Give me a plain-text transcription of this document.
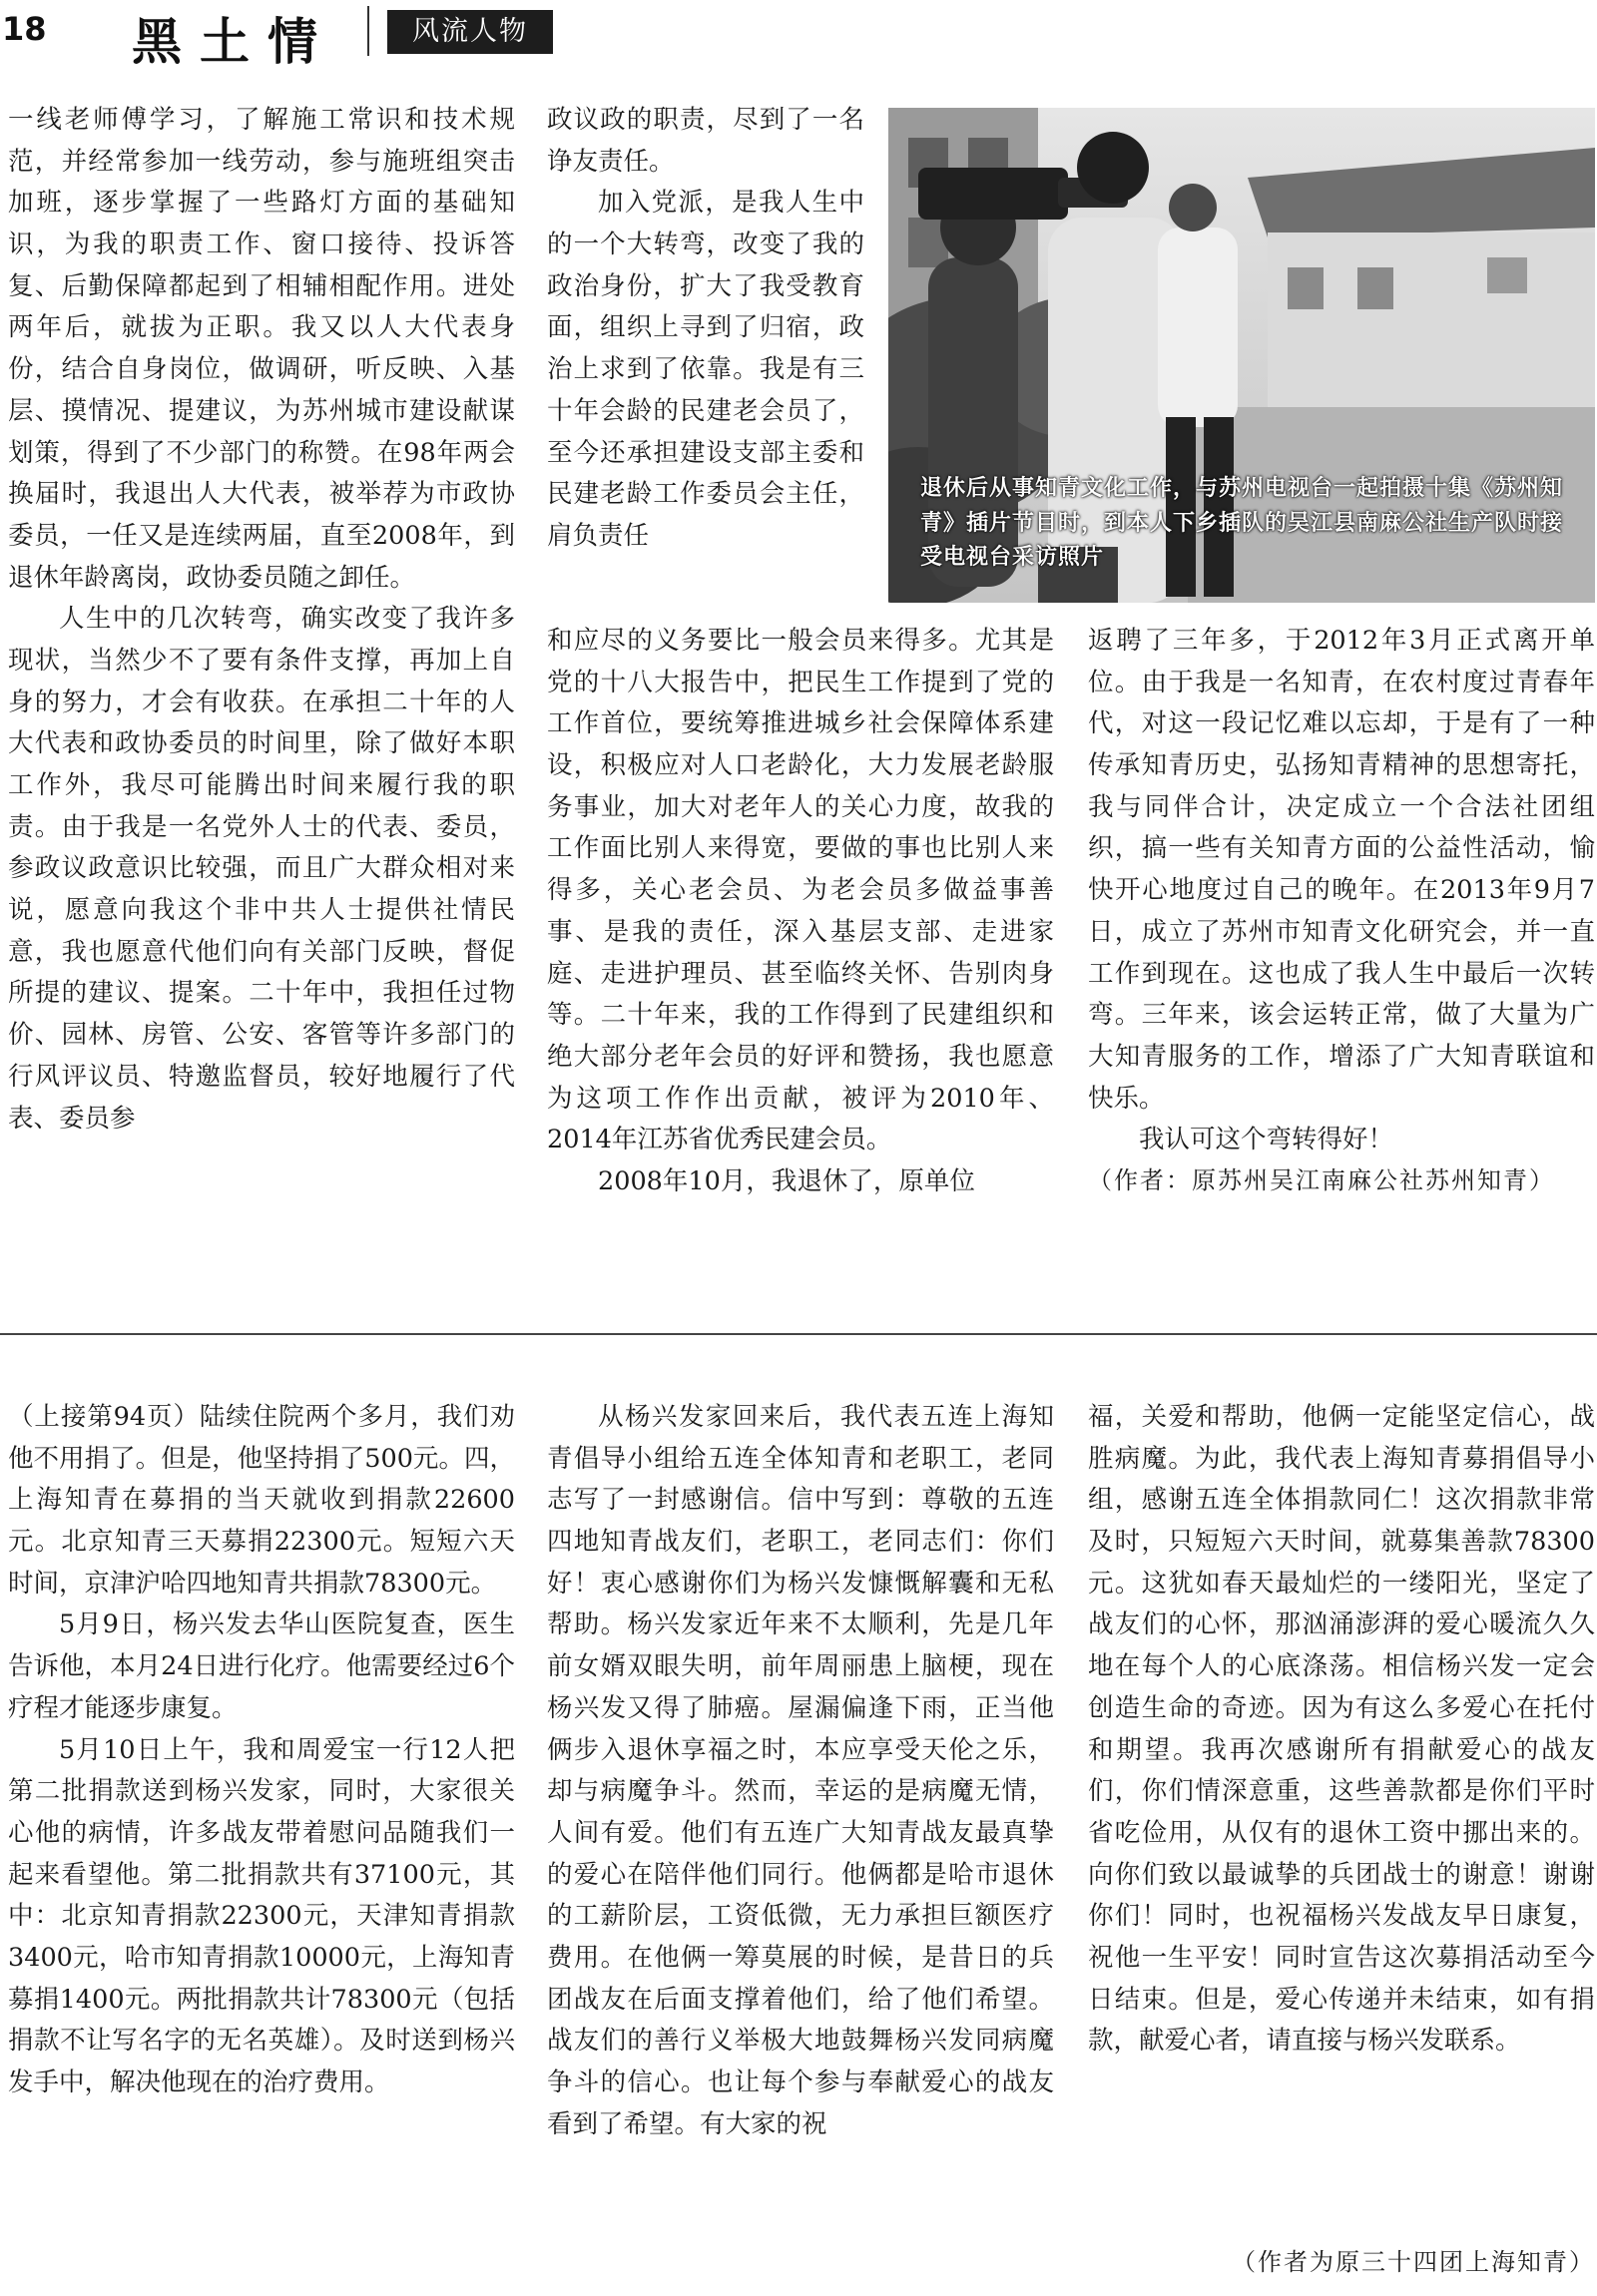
18 黑土情	风流人物

一线老师傅学习，了解施工常识和技术规范，并经常参加一线劳动，参与施班组突击加班，逐步掌握了一些路灯方面的基础知识，为我的职责工作、窗口接待、投诉答复、后勤保障都起到了相辅相配作用。进处两年后，就拔为正职。我又以人大代表身份，结合自身岗位，做调研，听反映、入基层、摸情况、提建议，为苏州城市建设献谋划策，得到了不少部门的称赞。在98年两会换届时，我退出人大代表，被举荐为市政协委员，一任又是连续两届，直至2008年，到退休年龄离岗，政协委员随之卸任。

人生中的几次转弯，确实改变了我许多现状，当然少不了要有条件支撑，再加上自身的努力，才会有收获。在承担二十年的人大代表和政协委员的时间里，除了做好本职工作外，我尽可能腾出时间来履行我的职责。由于我是一名党外人士的代表、委员，参政议政意识比较强，而且广大群众相对来说，愿意向我这个非中共人士提供社情民意，我也愿意代他们向有关部门反映，督促所提的建议、提案。二十年中，我担任过物价、园林、房管、公安、客管等许多部门的行风评议员、特邀监督员，较好地履行了代表、委员参

政议政的职责，尽到了一名诤友责任。

加入党派，是我人生中的一个大转弯，改变了我的政治身份，扩大了我受教育面，组织上寻到了归宿，政治上求到了依靠。我是有三十年会龄的民建老会员了，至今还承担建设支部主委和民建老龄工作委员会主任，肩负责任

和应尽的义务要比一般会员来得多。尤其是党的十八大报告中，把民生工作提到了党的工作首位，要统筹推进城乡社会保障体系建设，积极应对人口老龄化，大力发展老龄服务事业，加大对老年人的关心力度，故我的工作面比别人来得宽，要做的事也比别人来得多，关心老会员、为老会员多做益事善事、是我的责任，深入基层支部、走进家庭、走进护理员、甚至临终关怀、告别肉身等。二十年来，我的工作得到了民建组织和绝大部分老年会员的好评和赞扬，我也愿意为这项工作作出贡献，被评为2010年、2014年江苏省优秀民建会员。

2008年10月，我退休了，原单位

返聘了三年多，于2012年3月正式离开单位。由于我是一名知青，在农村度过青春年代，对这一段记忆难以忘却，于是有了一种传承知青历史，弘扬知青精神的思想寄托，我与同伴合计，决定成立一个合法社团组织，搞一些有关知青方面的公益性活动，愉快开心地度过自己的晚年。在2013年9月7日，成立了苏州市知青文化研究会，并一直工作到现在。这也成了我人生中最后一次转弯。三年来，该会运转正常，做了大量为广大知青服务的工作，增添了广大知青联谊和快乐。

我认可这个弯转得好！

（作者：原苏州吴江南麻公社苏州知青）

退休后从事知青文化工作，与苏州电视台一起拍摄十集《苏州知青》插片节目时，到本人下乡插队的吴江县南麻公社生产队时接受电视台采访照片

（上接第94页）陆续住院两个多月，我们劝他不用捐了。但是，他坚持捐了500元。四，上海知青在募捐的当天就收到捐款22600元。北京知青三天募捐22300元。短短六天时间，京津沪哈四地知青共捐款78300元。

5月9日，杨兴发去华山医院复查，医生告诉他，本月24日进行化疗。他需要经过6个疗程才能逐步康复。

5月10日上午，我和周爱宝一行12人把第二批捐款送到杨兴发家，同时，大家很关心他的病情，许多战友带着慰问品随我们一起来看望他。第二批捐款共有37100元，其中：北京知青捐款22300元，天津知青捐款3400元，哈市知青捐款10000元，上海知青募捐1400元。两批捐款共计78300元（包括捐款不让写名字的无名英雄）。及时送到杨兴发手中，解决他现在的治疗费用。

从杨兴发家回来后，我代表五连上海知青倡导小组给五连全体知青和老职工，老同志写了一封感谢信。信中写到：尊敬的五连四地知青战友们，老职工，老同志们：你们好！衷心感谢你们为杨兴发慷慨解囊和无私帮助。杨兴发家近年来不太顺利，先是几年前女婿双眼失明，前年周丽患上脑梗，现在杨兴发又得了肺癌。屋漏偏逢下雨，正当他俩步入退休享福之时，本应享受天伦之乐，却与病魔争斗。然而，幸运的是病魔无情，人间有爱。他们有五连广大知青战友最真挚的爱心在陪伴他们同行。他俩都是哈市退休的工薪阶层，工资低微，无力承担巨额医疗费用。在他俩一筹莫展的时候，是昔日的兵团战友在后面支撑着他们，给了他们希望。战友们的善行义举极大地鼓舞杨兴发同病魔争斗的信心。也让每个参与奉献爱心的战友看到了希望。有大家的祝

福，关爱和帮助，他俩一定能坚定信心，战胜病魔。为此，我代表上海知青募捐倡导小组，感谢五连全体捐款同仁！这次捐款非常及时，只短短六天时间，就募集善款78300元。这犹如春天最灿烂的一缕阳光，坚定了战友们的心怀，那汹涌澎湃的爱心暖流久久地在每个人的心底涤荡。相信杨兴发一定会创造生命的奇迹。因为有这么多爱心在托付和期望。我再次感谢所有捐献爱心的战友们，你们情深意重，这些善款都是你们平时省吃俭用，从仅有的退休工资中挪出来的。向你们致以最诚挚的兵团战士的谢意！谢谢你们！同时，也祝福杨兴发战友早日康复，祝他一生平安！同时宣告这次募捐活动至今日结束。但是，爱心传递并未结束，如有捐款，献爱心者，请直接与杨兴发联系。

（作者为原三十四团上海知青）
